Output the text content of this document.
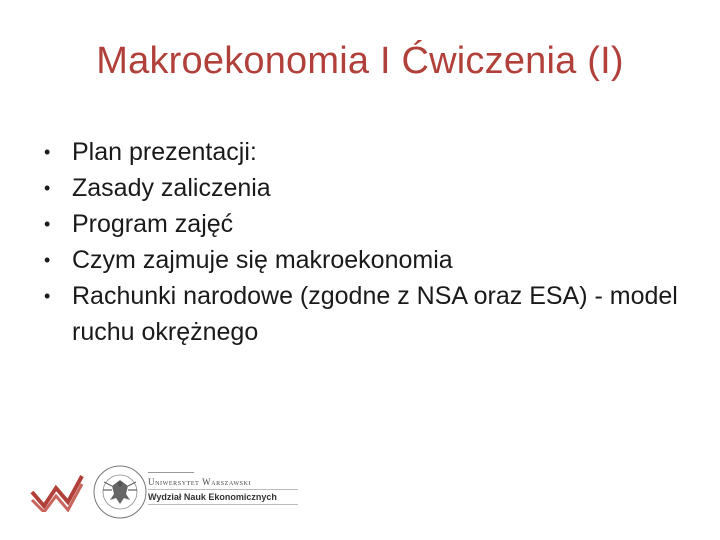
Makroekonomia I Ćwiczenia (I)
• Plan prezentacji:
• Zasady zaliczenia
• Program zajęć
• Czym zajmuje się makroekonomia
• Rachunki narodowe (zgodne z NSA oraz ESA) - model ruchu okrężnego
Uniwersytet Warszawski
Wydział Nauk Ekonomicznych
